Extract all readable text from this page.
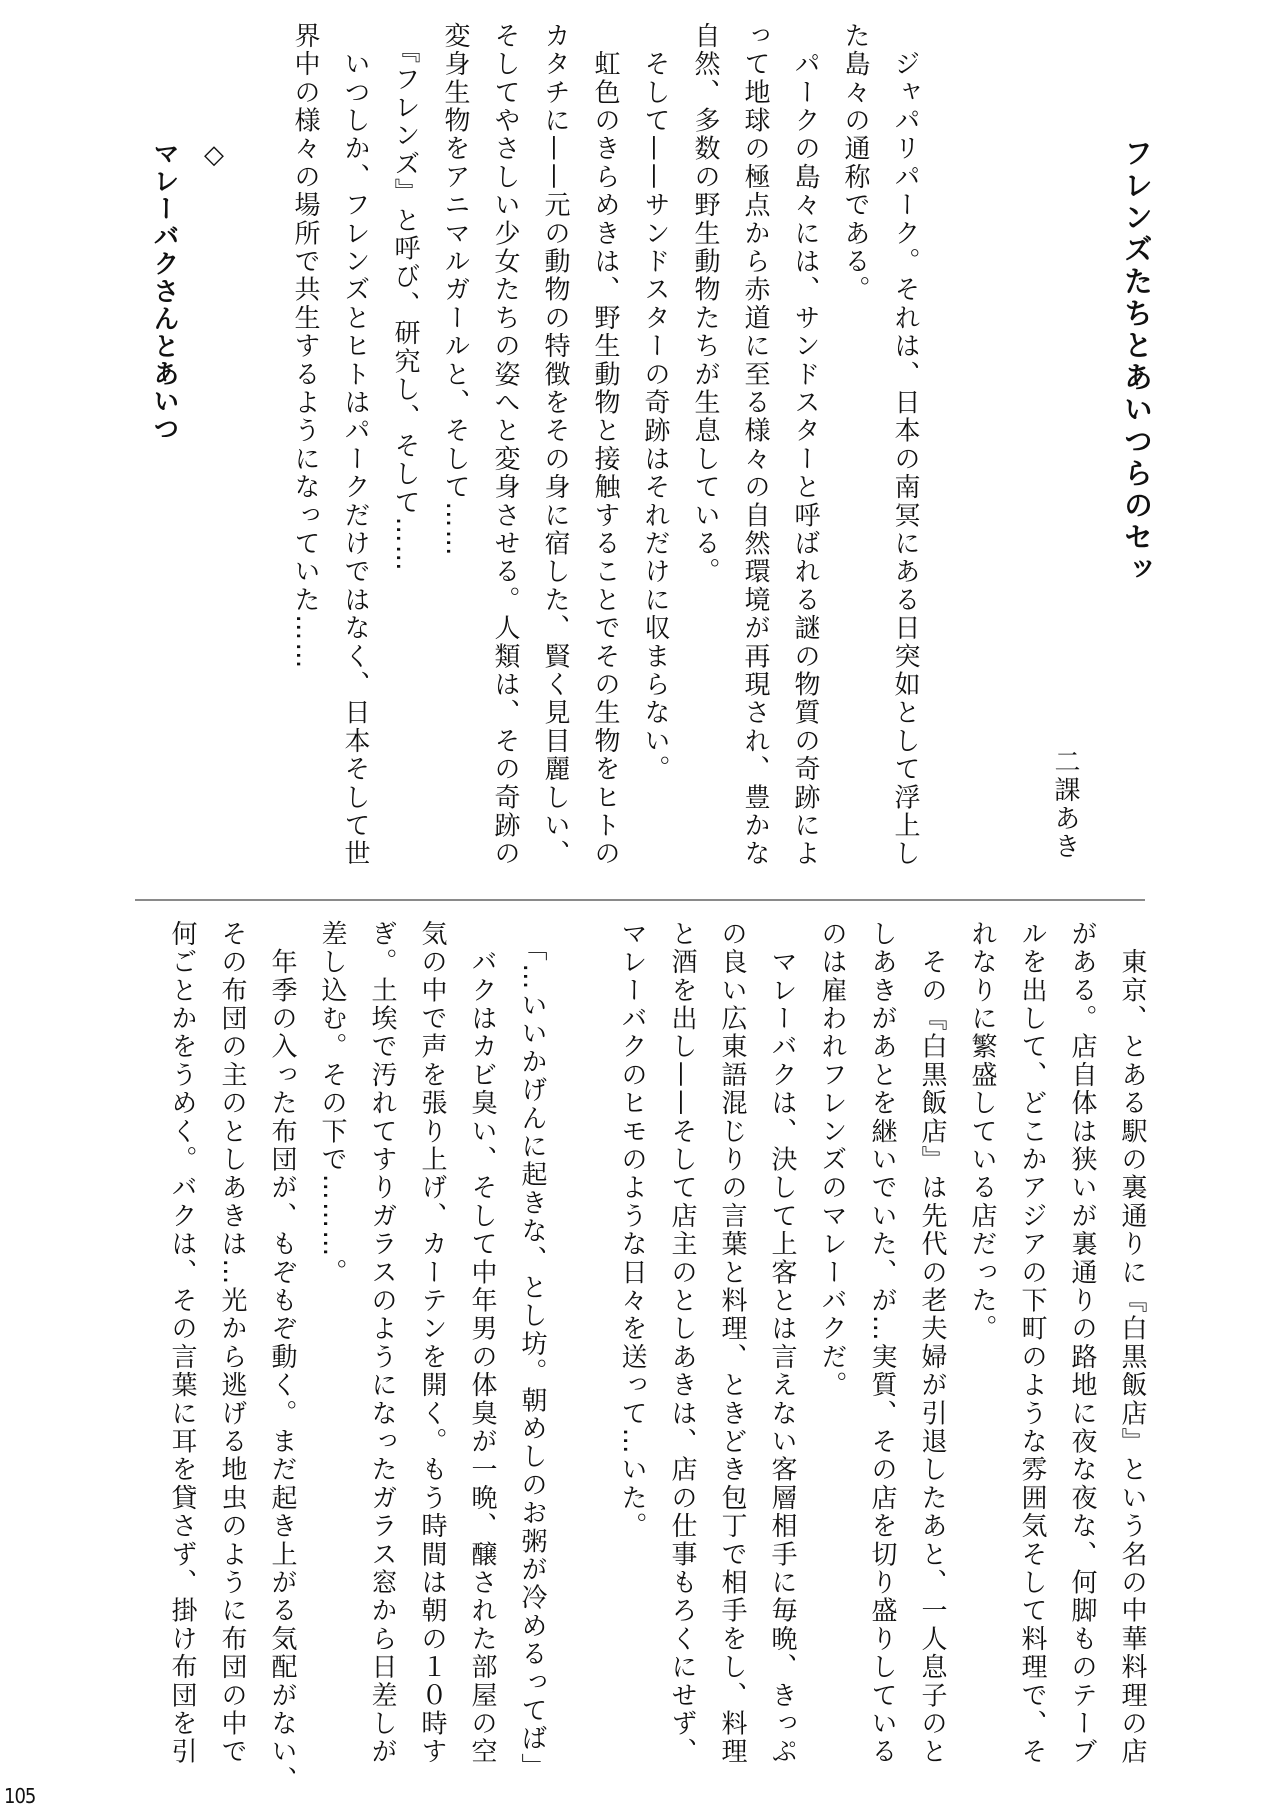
フレンズたちとあいつらのセッ
二課あき
　ジャパリパーク。それは、日本の南冥にある日突如として浮上し
た島々の通称である。
　パークの島々には、サンドスターと呼ばれる謎の物質の奇跡によ
って地球の極点から赤道に至る様々の自然環境が再現され、豊かな
自然、多数の野生動物たちが生息している。
　そして——サンドスターの奇跡はそれだけに収まらない。
　虹色のきらめきは、野生動物と接触することでその生物をヒトの
カタチに——元の動物の特徴をその身に宿した、賢く見目麗しい、
そしてやさしい少女たちの姿へと変身させる。人類は、その奇跡の
変身生物をアニマルガールと、そして……
　『フレンズ』と呼び、研究し、そして……
　いつしか、フレンズとヒトはパークだけではなく、日本そして世
界中の様々の場所で共生するようになっていた……
◇
マレーバクさんとあいつ
　東京、とある駅の裏通りに『白黒飯店』という名の中華料理の店
がある。店自体は狭いが裏通りの路地に夜な夜な、何脚ものテーブ
ルを出して、どこかアジアの下町のような雰囲気そして料理で、そ
れなりに繁盛している店だった。
　その『白黒飯店』は先代の老夫婦が引退したあと、一人息子のと
しあきがあとを継いでいた、が…実質、その店を切り盛りしている
のは雇われフレンズのマレーバクだ。
　マレーバクは、決して上客とは言えない客層相手に毎晩、きっぷ
の良い広東語混じりの言葉と料理、ときどき包丁で相手をし、料理
と酒を出し——そして店主のとしあきは、店の仕事もろくにせず、
マレーバクのヒモのような日々を送って…いた。
　「…いいかげんに起きな、とし坊。朝めしのお粥が冷めるってば」
　バクはカビ臭い、そして中年男の体臭が一晩、醸された部屋の空
気の中で声を張り上げ、カーテンを開く。もう時間は朝の１０時す
ぎ。土埃で汚れてすりガラスのようになったガラス窓から日差しが
差し込む。その下で………。
　年季の入った布団が、もぞもぞ動く。まだ起き上がる気配がない、
その布団の主のとしあきは…光から逃げる地虫のように布団の中で
何ごとかをうめく。バクは、その言葉に耳を貸さず、掛け布団を引
105
